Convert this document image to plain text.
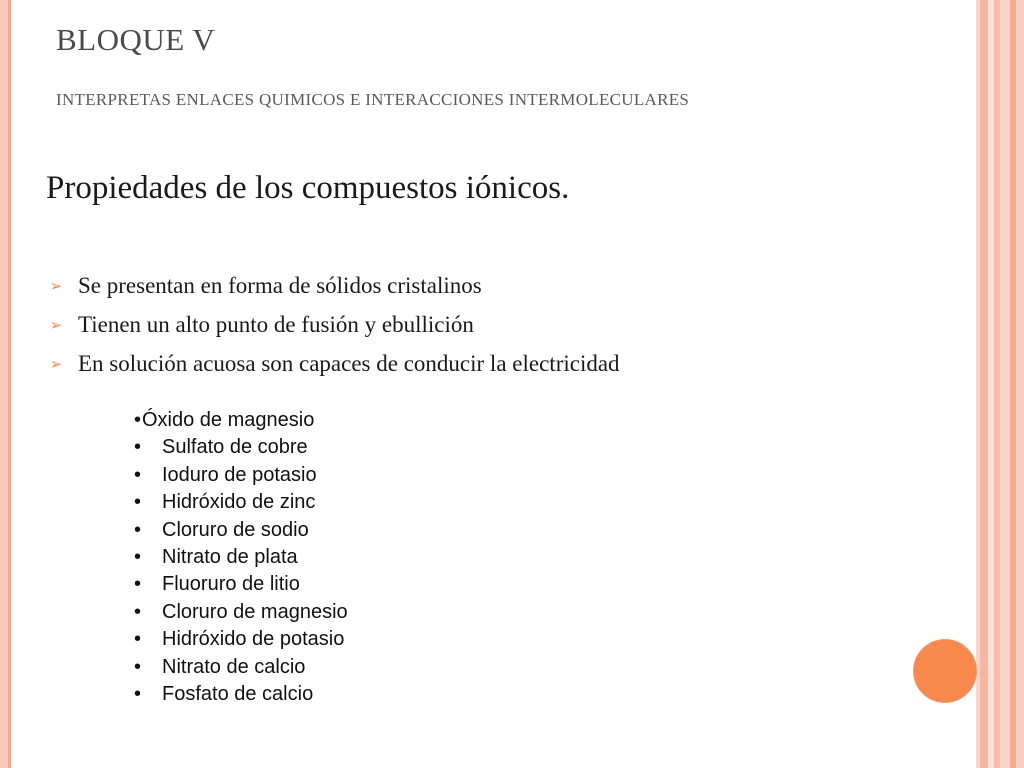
BLOQUE V
INTERPRETAS ENLACES QUIMICOS E INTERACCIONES INTERMOLECULARES
Propiedades de los compuestos iónicos.
➢ Se presentan en forma de sólidos cristalinos
➢ Tienen un alto punto de fusión y ebullición
➢ En solución acuosa son capaces de conducir la electricidad
•Óxido de magnesio
• Sulfato de cobre
• Ioduro de potasio
• Hidróxido de zinc
• Cloruro de sodio
• Nitrato de plata
• Fluoruro de litio
• Cloruro de magnesio
• Hidróxido de potasio
• Nitrato de calcio
• Fosfato de calcio
